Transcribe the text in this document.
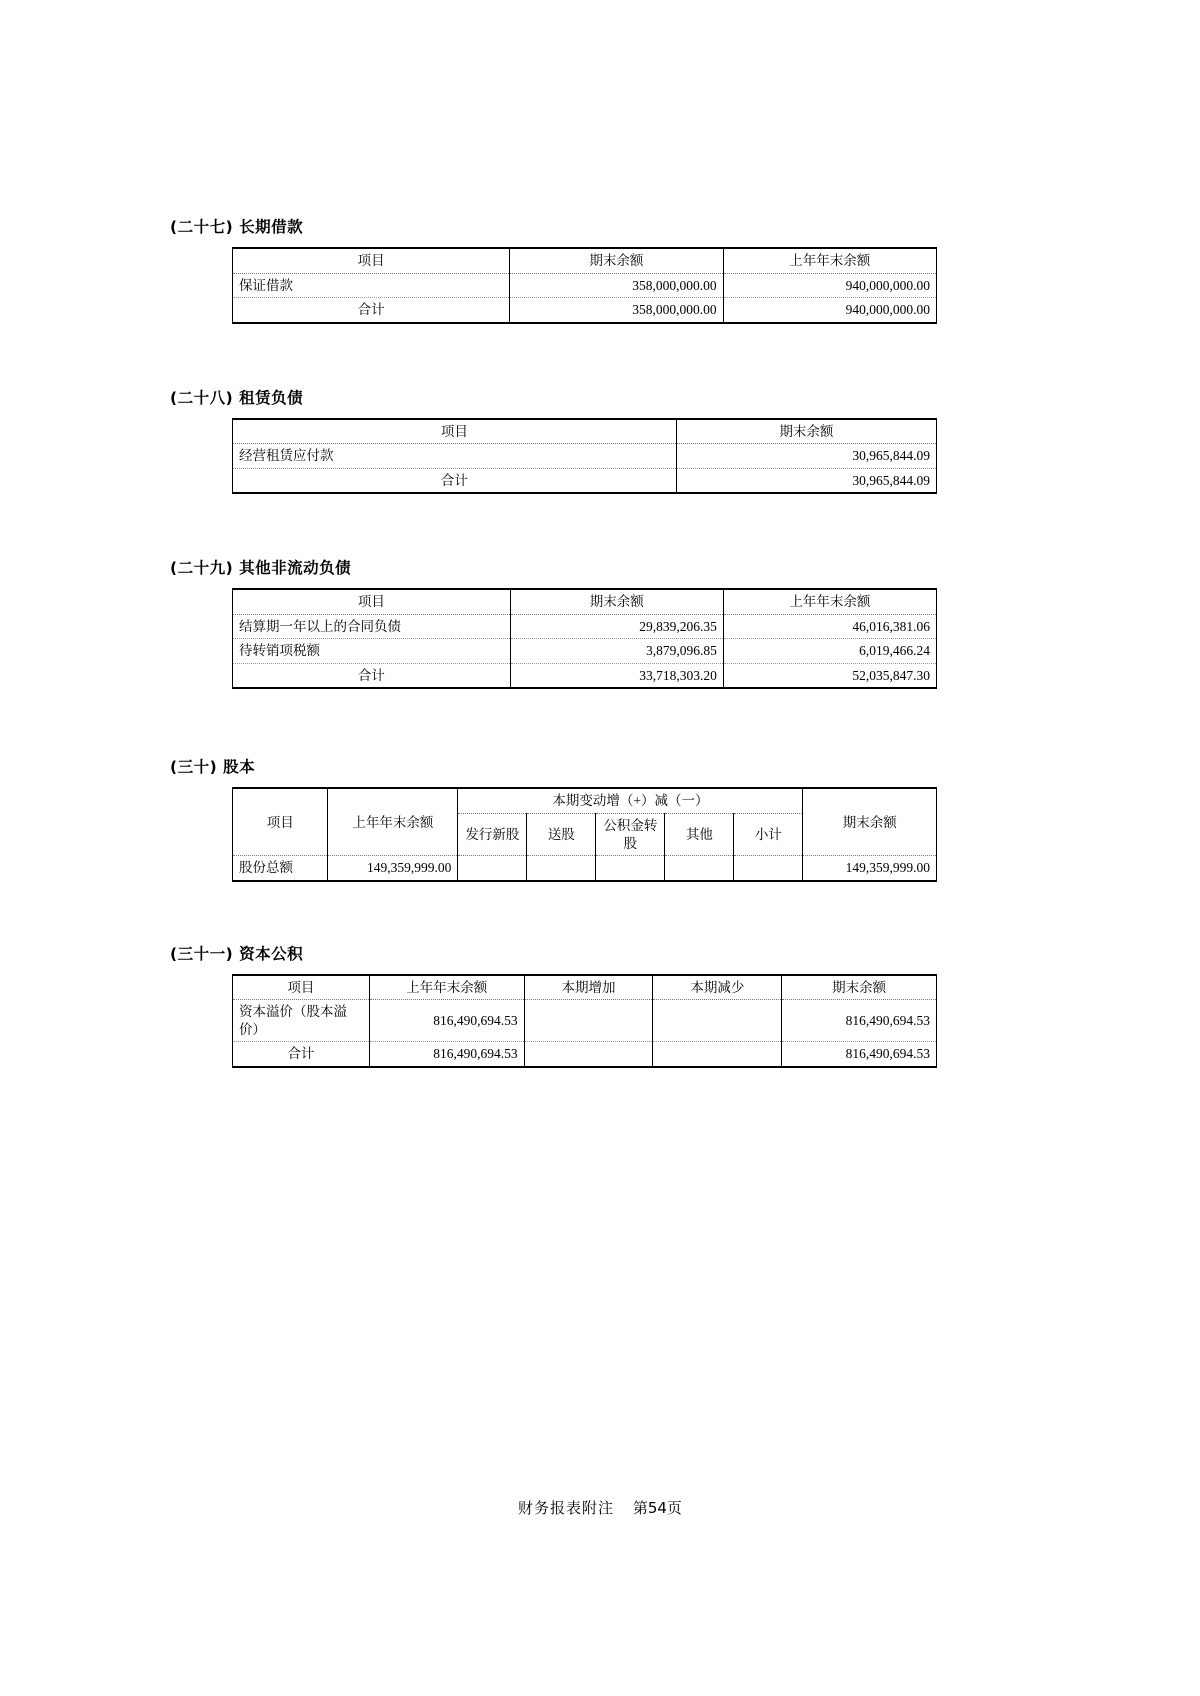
(二十七) 长期借款
项目	期末余额	上年年末余额
保证借款	358,000,000.00	940,000,000.00
合计	358,000,000.00	940,000,000.00
(二十八) 租赁负债
项目	期末余额
经营租赁应付款	30,965,844.09
合计	30,965,844.09
(二十九) 其他非流动负债
项目	期末余额	上年年末余额
结算期一年以上的合同负债	29,839,206.35	46,016,381.06
待转销项税额	3,879,096.85	6,019,466.24
合计	33,718,303.20	52,035,847.30
(三十) 股本
项目	上年年末余额	本期变动增（+）减（一）					期末余额
		发行新股	送股	公积金转股	其他	小计	
股份总额	149,359,999.00						149,359,999.00
(三十一) 资本公积
项目	上年年末余额	本期增加	本期减少	期末余额
资本溢价（股本溢价）	816,490,694.53			816,490,694.53
合计	816,490,694.53			816,490,694.53
财务报表附注 第54页
